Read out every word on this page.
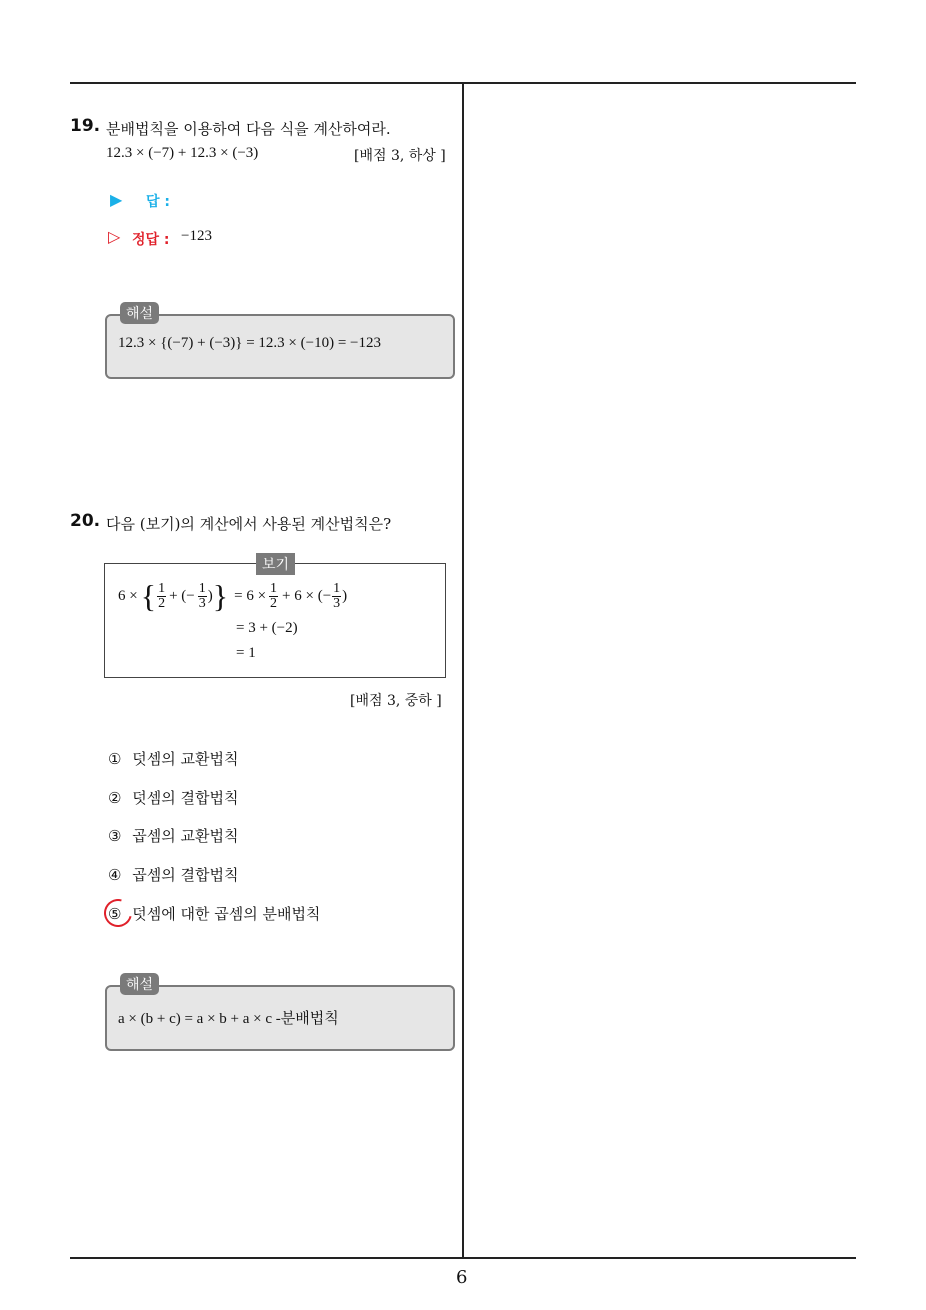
19. 분배법칙을 이용하여 다음 식을 계산하여라.
12.3 × (−7) + 12.3 × (−3)	[배점 3, 하상 ]
▶ 답 :
▷ 정답 : −123
해설
12.3 × {(−7) + (−3)} = 12.3 × (−10) = −123
20. 다음 (보기)의 계산에서 사용된 계산법칙은?
보기
6 × { $\frac{1}{2}$ + (− $\frac{1}{3}$ ) } = $6 \times \frac{1}{2} + 6$ × (− $\frac{1}{3}$ )
= 3 + (−2)
= 1
[배점 3, 중하 ]
① 덧셈의 교환법칙
② 덧셈의 결합법칙
③ 곱셈의 교환법칙
④ 곱셈의 결합법칙
⑤ 덧셈에 대한 곱셈의 분배법칙
해설
a × (b + c) = a × b + a × c -분배법칙
6
